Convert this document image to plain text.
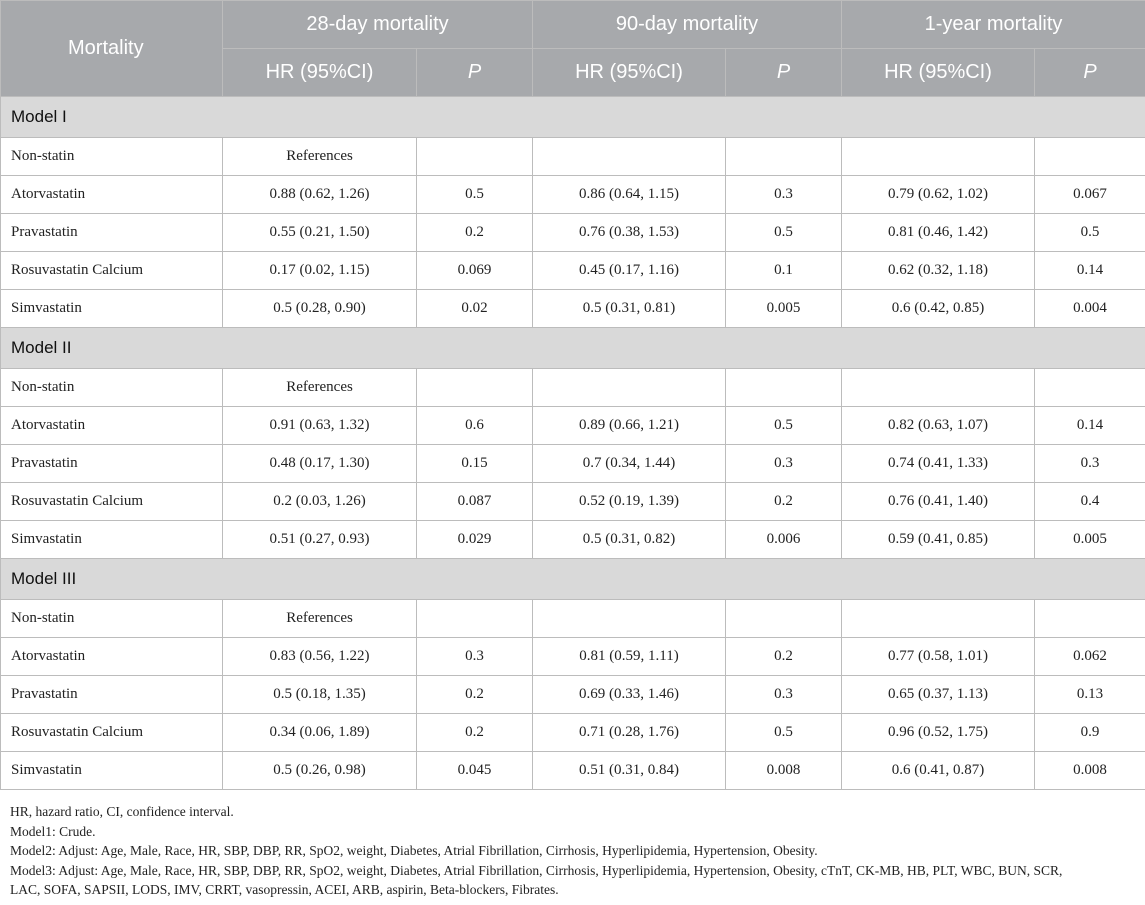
Mortality	28-day mortality		90-day mortality		1-year mortality	
	HR (95%CI)	P	HR (95%CI)	P	HR (95%CI)	P
Model I						
Non-statin	References					
Atorvastatin	0.88 (0.62, 1.26)	0.5	0.86 (0.64, 1.15)	0.3	0.79 (0.62, 1.02)	0.067
Pravastatin	0.55 (0.21, 1.50)	0.2	0.76 (0.38, 1.53)	0.5	0.81 (0.46, 1.42)	0.5
Rosuvastatin Calcium	0.17 (0.02, 1.15)	0.069	0.45 (0.17, 1.16)	0.1	0.62 (0.32, 1.18)	0.14
Simvastatin	0.5 (0.28, 0.90)	0.02	0.5 (0.31, 0.81)	0.005	0.6 (0.42, 0.85)	0.004
Model II						
Non-statin	References					
Atorvastatin	0.91 (0.63, 1.32)	0.6	0.89 (0.66, 1.21)	0.5	0.82 (0.63, 1.07)	0.14
Pravastatin	0.48 (0.17, 1.30)	0.15	0.7 (0.34, 1.44)	0.3	0.74 (0.41, 1.33)	0.3
Rosuvastatin Calcium	0.2 (0.03, 1.26)	0.087	0.52 (0.19, 1.39)	0.2	0.76 (0.41, 1.40)	0.4
Simvastatin	0.51 (0.27, 0.93)	0.029	0.5 (0.31, 0.82)	0.006	0.59 (0.41, 0.85)	0.005
Model III						
Non-statin	References					
Atorvastatin	0.83 (0.56, 1.22)	0.3	0.81 (0.59, 1.11)	0.2	0.77 (0.58, 1.01)	0.062
Pravastatin	0.5 (0.18, 1.35)	0.2	0.69 (0.33, 1.46)	0.3	0.65 (0.37, 1.13)	0.13
Rosuvastatin Calcium	0.34 (0.06, 1.89)	0.2	0.71 (0.28, 1.76)	0.5	0.96 (0.52, 1.75)	0.9
Simvastatin	0.5 (0.26, 0.98)	0.045	0.51 (0.31, 0.84)	0.008	0.6 (0.41, 0.87)	0.008
HR, hazard ratio, CI, confidence interval.
Model1: Crude.
Model2: Adjust: Age, Male, Race, HR, SBP, DBP, RR, SpO2, weight, Diabetes, Atrial Fibrillation, Cirrhosis, Hyperlipidemia, Hypertension, Obesity.
Model3: Adjust: Age, Male, Race, HR, SBP, DBP, RR, SpO2, weight, Diabetes, Atrial Fibrillation, Cirrhosis, Hyperlipidemia, Hypertension, Obesity, cTnT, CK-MB, HB, PLT, WBC, BUN, SCR,
LAC, SOFA, SAPSII, LODS, IMV, CRRT, vasopressin, ACEI, ARB, aspirin, Beta-blockers, Fibrates.
